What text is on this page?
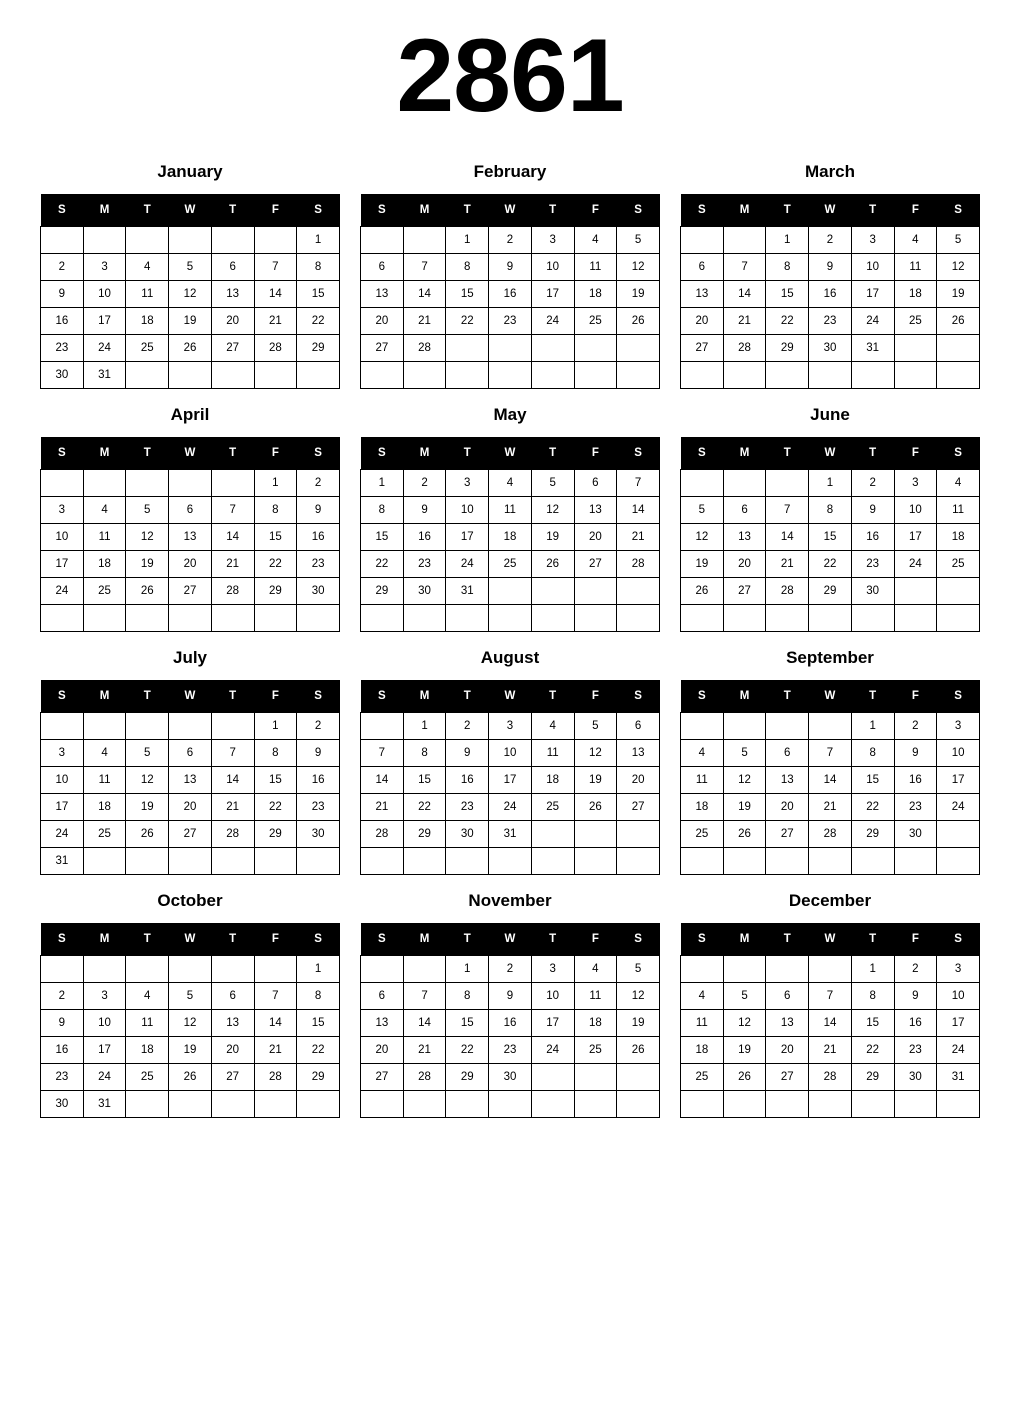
2861
January
S	M	T	W	T	F	S
						1
2	3	4	5	6	7	8
9	10	11	12	13	14	15
16	17	18	19	20	21	22
23	24	25	26	27	28	29
30	31					
February
S	M	T	W	T	F	S
		1	2	3	4	5
6	7	8	9	10	11	12
13	14	15	16	17	18	19
20	21	22	23	24	25	26
27	28					

March
S	M	T	W	T	F	S
		1	2	3	4	5
6	7	8	9	10	11	12
13	14	15	16	17	18	19
20	21	22	23	24	25	26
27	28	29	30	31		

April
S	M	T	W	T	F	S
					1	2
3	4	5	6	7	8	9
10	11	12	13	14	15	16
17	18	19	20	21	22	23
24	25	26	27	28	29	30

May
S	M	T	W	T	F	S
1	2	3	4	5	6	7
8	9	10	11	12	13	14
15	16	17	18	19	20	21
22	23	24	25	26	27	28
29	30	31				

June
S	M	T	W	T	F	S
			1	2	3	4
5	6	7	8	9	10	11
12	13	14	15	16	17	18
19	20	21	22	23	24	25
26	27	28	29	30		

July
S	M	T	W	T	F	S
					1	2
3	4	5	6	7	8	9
10	11	12	13	14	15	16
17	18	19	20	21	22	23
24	25	26	27	28	29	30
31						
August
S	M	T	W	T	F	S
	1	2	3	4	5	6
7	8	9	10	11	12	13
14	15	16	17	18	19	20
21	22	23	24	25	26	27
28	29	30	31			

September
S	M	T	W	T	F	S
				1	2	3
4	5	6	7	8	9	10
11	12	13	14	15	16	17
18	19	20	21	22	23	24
25	26	27	28	29	30	

October
S	M	T	W	T	F	S
						1
2	3	4	5	6	7	8
9	10	11	12	13	14	15
16	17	18	19	20	21	22
23	24	25	26	27	28	29
30	31					
November
S	M	T	W	T	F	S
		1	2	3	4	5
6	7	8	9	10	11	12
13	14	15	16	17	18	19
20	21	22	23	24	25	26
27	28	29	30			

December
S	M	T	W	T	F	S
				1	2	3
4	5	6	7	8	9	10
11	12	13	14	15	16	17
18	19	20	21	22	23	24
25	26	27	28	29	30	31
